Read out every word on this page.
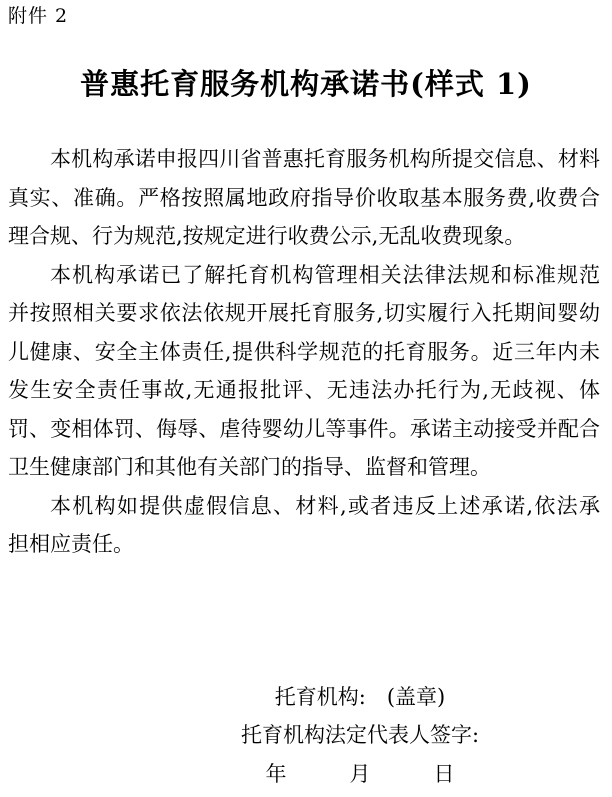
附件 2
普惠托育服务机构承诺书(样式 1)
本机构承诺申报四川省普惠托育服务机构所提交信息、材料
真实、准确。严格按照属地政府指导价收取基本服务费,收费合
理合规、行为规范,按规定进行收费公示,无乱收费现象。
本机构承诺已了解托育机构管理相关法律法规和标准规范
并按照相关要求依法依规开展托育服务,切实履行入托期间婴幼
儿健康、安全主体责任,提供科学规范的托育服务。近三年内未
发生安全责任事故,无通报批评、无违法办托行为,无歧视、体
罚、变相体罚、侮辱、虐待婴幼儿等事件。承诺主动接受并配合
卫生健康部门和其他有关部门的指导、监督和管理。
本机构如提供虚假信息、材料,或者违反上述承诺,依法承
担相应责任。
托育机构:　(盖章)
托育机构法定代表人签字:
年　　　月　　　日
